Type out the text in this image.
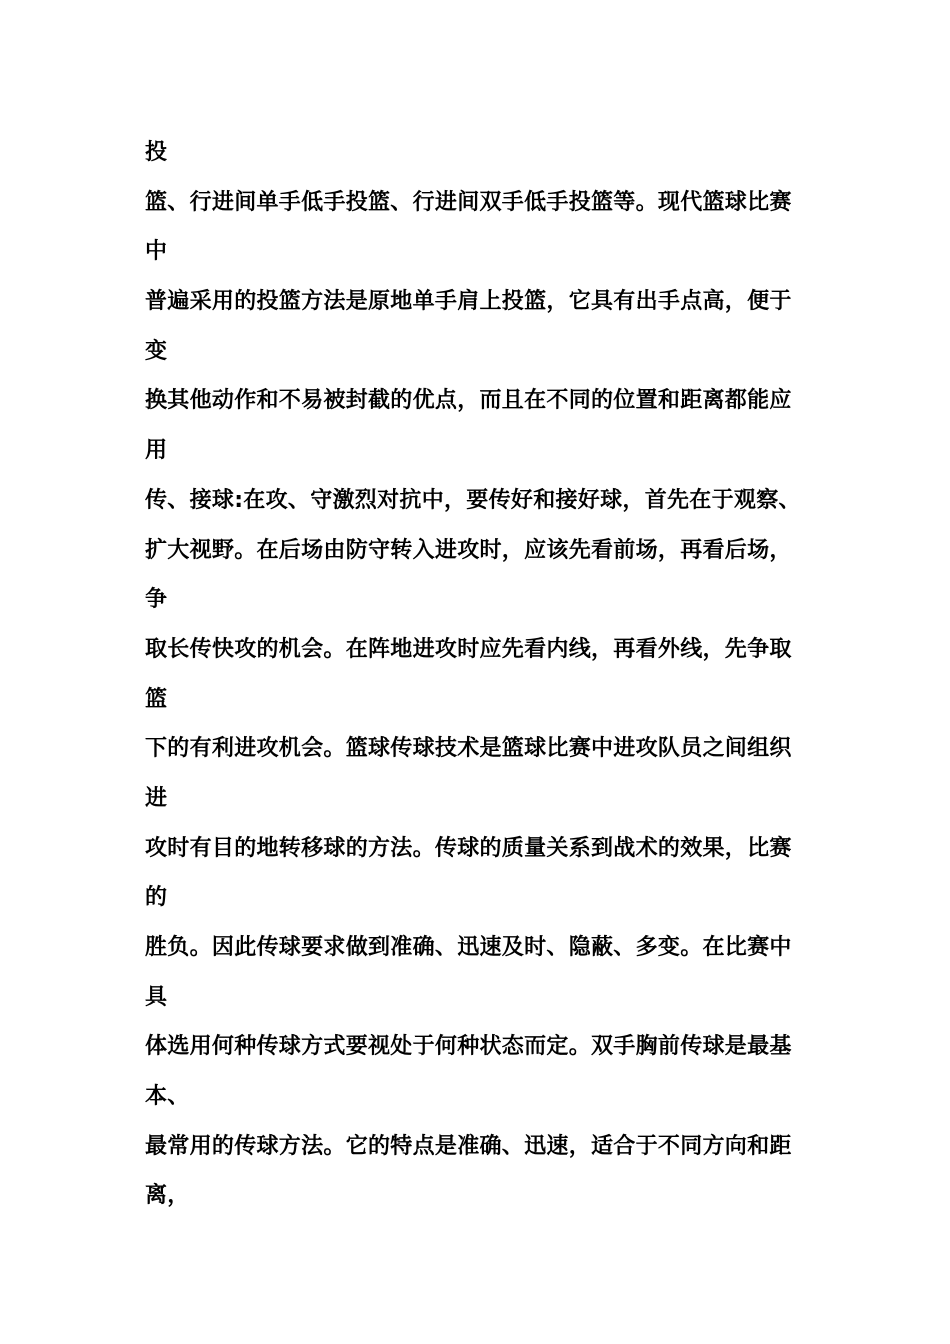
投
篮、行进间单手低手投篮、行进间双手低手投篮等。现代篮球比赛
中
普遍采用的投篮方法是原地单手肩上投篮，它具有出手点高，便于
变
换其他动作和不易被封截的优点，而且在不同的位置和距离都能应
用
传、接球:在攻、守激烈对抗中，要传好和接好球，首先在于观察、
扩大视野。在后场由防守转入进攻时，应该先看前场，再看后场，
争
取长传快攻的机会。在阵地进攻时应先看内线，再看外线，先争取
篮
下的有利进攻机会。篮球传球技术是篮球比赛中进攻队员之间组织
进
攻时有目的地转移球的方法。传球的质量关系到战术的效果，比赛
的
胜负。因此传球要求做到准确、迅速及时、隐蔽、多变。在比赛中
具
体选用何种传球方式要视处于何种状态而定。双手胸前传球是最基
本、
最常用的传球方法。它的特点是准确、迅速，适合于不同方向和距
离，
